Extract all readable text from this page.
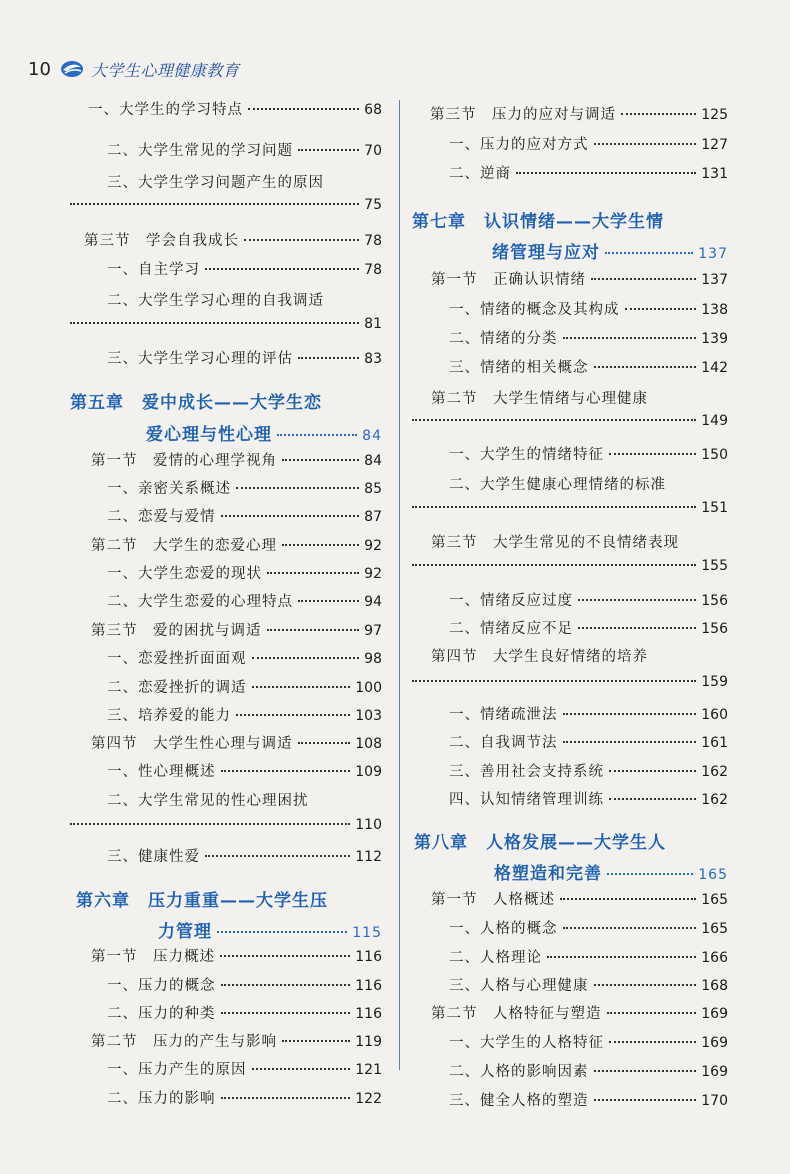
10	大学生心理健康教育
一、大学生的学习特点	68
二、大学生常见的学习问题	70
三、大学生学习问题产生的原因
75
第三节　学会自我成长	78
一、自主学习	78
二、大学生学习心理的自我调适
81
三、大学生学习心理的评估	83
第五章　爱中成长——大学生恋
爱心理与性心理	84
第一节　爱情的心理学视角	84
一、亲密关系概述	85
二、恋爱与爱情	87
第二节　大学生的恋爱心理	92
一、大学生恋爱的现状	92
二、大学生恋爱的心理特点	94
第三节　爱的困扰与调适	97
一、恋爱挫折面面观	98
二、恋爱挫折的调适	100
三、培养爱的能力	103
第四节　大学生性心理与调适	108
一、性心理概述	109
二、大学生常见的性心理困扰
110
三、健康性爱	112
第六章　压力重重——大学生压
力管理	115
第一节　压力概述	116
一、压力的概念	116
二、压力的种类	116
第二节　压力的产生与影响	119
一、压力产生的原因	121
二、压力的影响	122
第三节　压力的应对与调适	125
一、压力的应对方式	127
二、逆商	131
第七章　认识情绪——大学生情
绪管理与应对	137
第一节　正确认识情绪	137
一、情绪的概念及其构成	138
二、情绪的分类	139
三、情绪的相关概念	142
第二节　大学生情绪与心理健康
149
一、大学生的情绪特征	150
二、大学生健康心理情绪的标准
151
第三节　大学生常见的不良情绪表现
155
一、情绪反应过度	156
二、情绪反应不足	156
第四节　大学生良好情绪的培养
159
一、情绪疏泄法	160
二、自我调节法	161
三、善用社会支持系统	162
四、认知情绪管理训练	162
第八章　人格发展——大学生人
格塑造和完善	165
第一节　人格概述	165
一、人格的概念	165
二、人格理论	166
三、人格与心理健康	168
第二节　人格特征与塑造	169
一、大学生的人格特征	169
二、人格的影响因素	169
三、健全人格的塑造	170
